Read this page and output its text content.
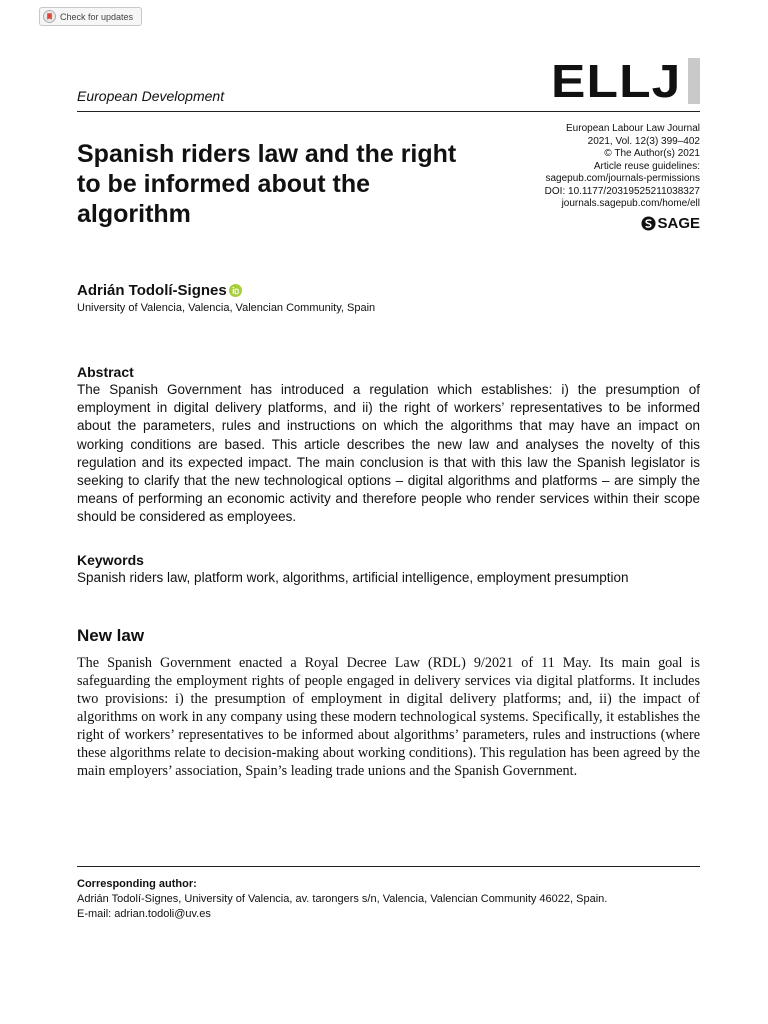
Check for updates
European Development	ELLJ
European Labour Law Journal
2021, Vol. 12(3) 399–402
© The Author(s) 2021
Article reuse guidelines:
sagepub.com/journals-permissions
DOI: 10.1177/20319525211038327
journals.sagepub.com/home/ell
SAGE
Spanish riders law and the right to be informed about the algorithm
Adrián Todolí-Signes
University of Valencia, Valencia, Valencian Community, Spain
Abstract

The Spanish Government has introduced a regulation which establishes: i) the presumption of employment in digital delivery platforms, and ii) the right of workers’ representatives to be informed about the parameters, rules and instructions on which the algorithms that may have an impact on working conditions are based. This article describes the new law and analyses the novelty of this regulation and its expected impact. The main conclusion is that with this law the Spanish legislator is seeking to clarify that the new technological options – digital algorithms and platforms – are simply the means of performing an economic activity and therefore people who render services within their scope should be considered as employees.

Keywords
Spanish riders law, platform work, algorithms, artificial intelligence, employment presumption
New law

The Spanish Government enacted a Royal Decree Law (RDL) 9/2021 of 11 May. Its main goal is safeguarding the employment rights of people engaged in delivery services via digital platforms. It includes two provisions: i) the presumption of employment in digital delivery platforms; and, ii) the impact of algorithms on work in any company using these modern technological systems. Specifically, it establishes the right of workers’ representatives to be informed about algorithms’ parameters, rules and instructions (where these algorithms relate to decision-making about working conditions). This regulation has been agreed by the main employers’ association, Spain’s leading trade unions and the Spanish Government.

Corresponding author:
Adrián Todolí-Signes, University of Valencia, av. tarongers s/n, Valencia, Valencian Community 46022, Spain.
E-mail: adrian.todoli@uv.es
